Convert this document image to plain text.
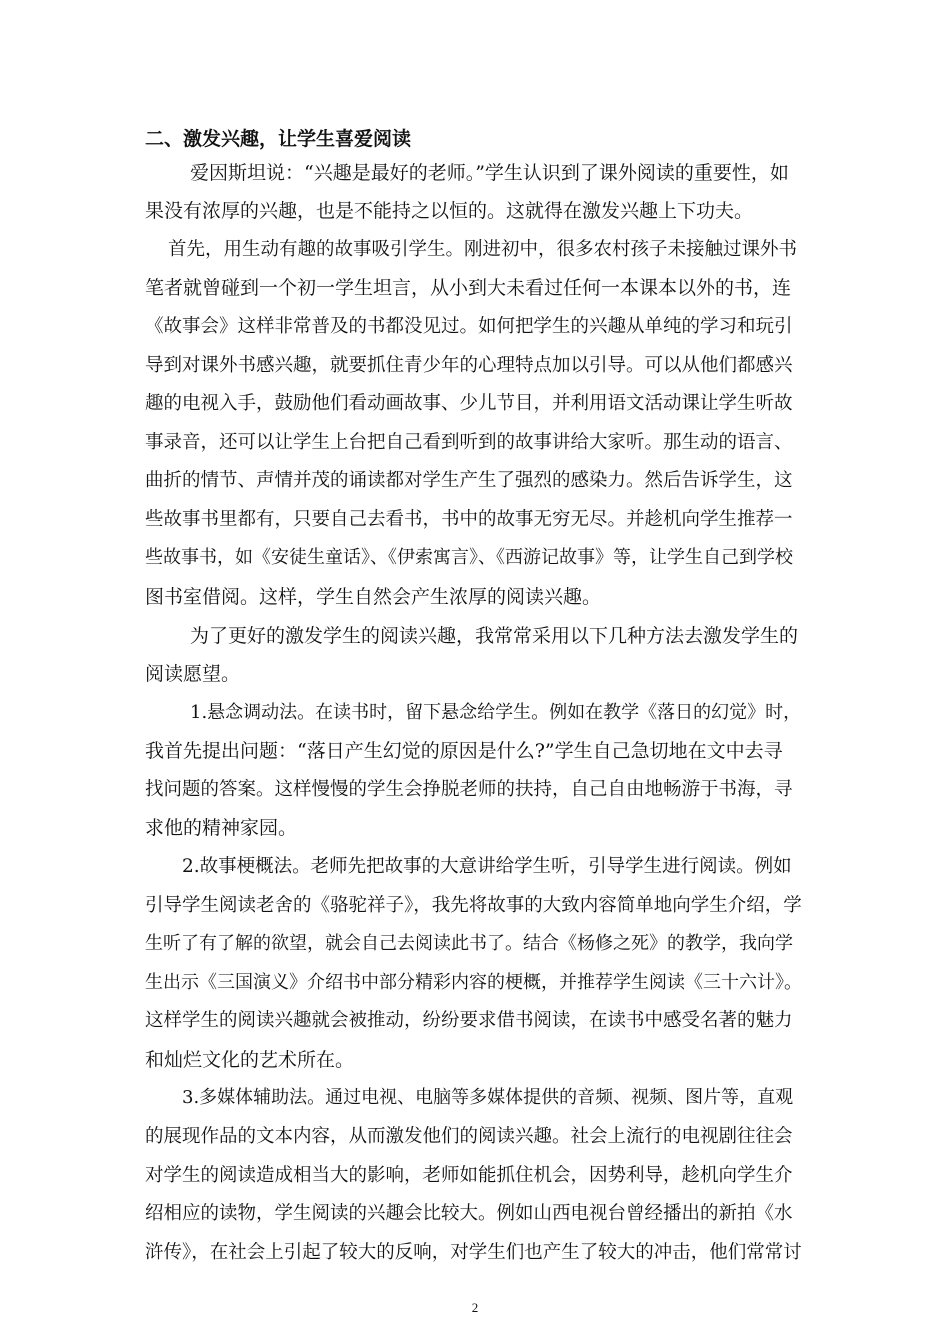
二、激发兴趣，让学生喜爱阅读
爱因斯坦说：“兴趣是最好的老师。”学生认识到了课外阅读的重要性，如
果没有浓厚的兴趣，也是不能持之以恒的。这就得在激发兴趣上下功夫。
首先，用生动有趣的故事吸引学生。刚进初中，很多农村孩子未接触过课外书
笔者就曾碰到一个初一学生坦言，从小到大未看过任何一本课本以外的书，连
《故事会》这样非常普及的书都没见过。如何把学生的兴趣从单纯的学习和玩引
导到对课外书感兴趣，就要抓住青少年的心理特点加以引导。可以从他们都感兴
趣的电视入手，鼓励他们看动画故事、少儿节目，并利用语文活动课让学生听故
事录音，还可以让学生上台把自己看到听到的故事讲给大家听。那生动的语言、
曲折的情节、声情并茂的诵读都对学生产生了强烈的感染力。然后告诉学生，这
些故事书里都有，只要自己去看书，书中的故事无穷无尽。并趁机向学生推荐一
些故事书，如《安徒生童话》、《伊索寓言》、《西游记故事》等，让学生自己到学校
图书室借阅。这样，学生自然会产生浓厚的阅读兴趣。
为了更好的激发学生的阅读兴趣，我常常采用以下几种方法去激发学生的
阅读愿望。
1.悬念调动法。在读书时，留下悬念给学生。例如在教学《落日的幻觉》时，
我首先提出问题：“落日产生幻觉的原因是什么?”学生自己急切地在文中去寻
找问题的答案。这样慢慢的学生会挣脱老师的扶持，自己自由地畅游于书海，寻
求他的精神家园。
2.故事梗概法。老师先把故事的大意讲给学生听，引导学生进行阅读。例如
引导学生阅读老舍的《骆驼祥子》，我先将故事的大致内容简单地向学生介绍，学
生听了有了解的欲望，就会自己去阅读此书了。结合《杨修之死》的教学，我向学
生出示《三国演义》介绍书中部分精彩内容的梗概，并推荐学生阅读《三十六计》。
这样学生的阅读兴趣就会被推动，纷纷要求借书阅读，在读书中感受名著的魅力
和灿烂文化的艺术所在。
3.多媒体辅助法。通过电视、电脑等多媒体提供的音频、视频、图片等，直观
的展现作品的文本内容，从而激发他们的阅读兴趣。社会上流行的电视剧往往会
对学生的阅读造成相当大的影响，老师如能抓住机会，因势利导，趁机向学生介
绍相应的读物，学生阅读的兴趣会比较大。例如山西电视台曾经播出的新拍《水
浒传》，在社会上引起了较大的反响，对学生们也产生了较大的冲击，他们常常讨
2
